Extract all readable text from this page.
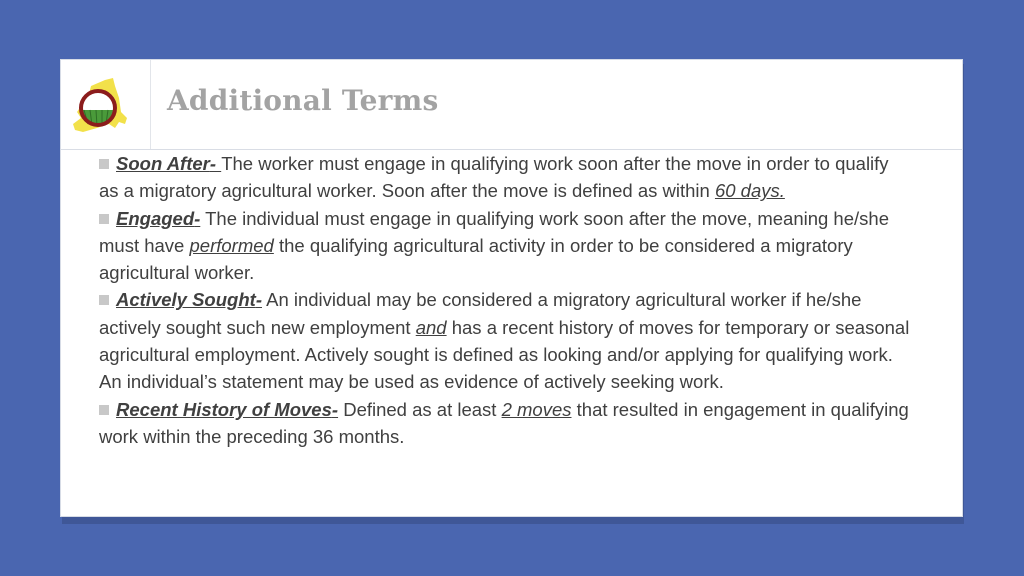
Additional Terms

Soon After- The worker must engage in qualifying work soon after the move in order to qualify as a migratory agricultural worker. Soon after the move is defined as within 60 days.

Engaged- The individual must engage in qualifying work soon after the move, meaning he/she must have performed the qualifying agricultural activity in order to be considered a migratory agricultural worker.

Actively Sought- An individual may be considered a migratory agricultural worker if he/she actively sought such new employment and has a recent history of moves for temporary or seasonal agricultural employment. Actively sought is defined as looking and/or applying for qualifying work. An individual’s statement may be used as evidence of actively seeking work.

Recent History of Moves- Defined as at least 2 moves that resulted in engagement in qualifying work within the preceding 36 months.
